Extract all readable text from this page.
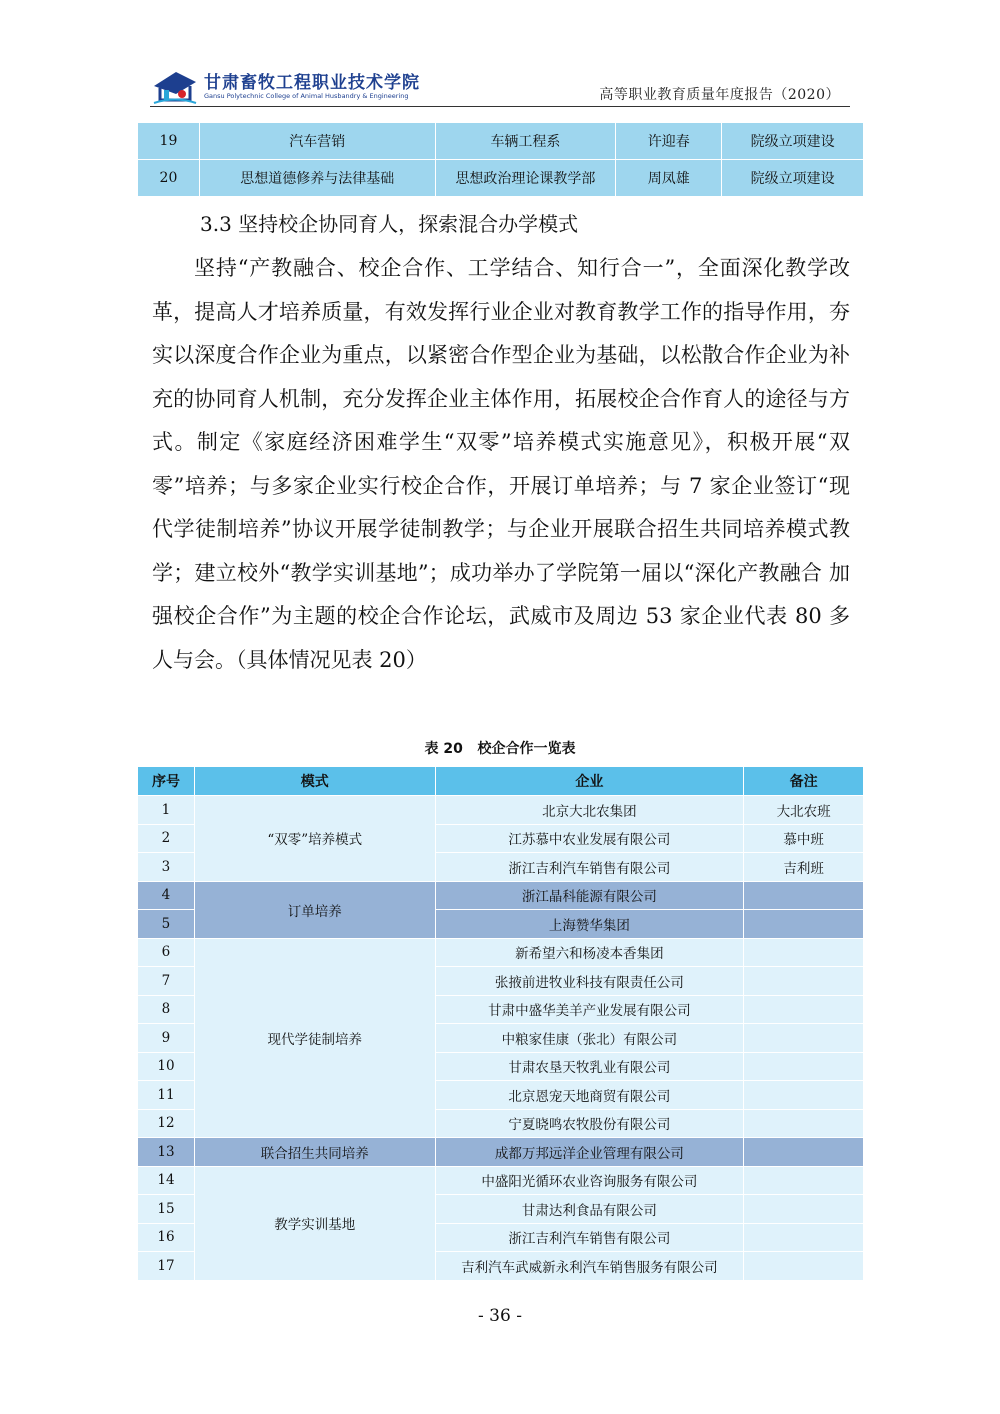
甘肃畜牧工程职业技术学院
Gansu Polytechnic College of Animal Husbandry & Engineering	高等职业教育质量年度报告（2020）
19	汽车营销	车辆工程系	许迎春	院级立项建设
20	思想道德修养与法律基础	思想政治理论课教学部	周凤雄	院级立项建设
3.3 坚持校企协同育人，探索混合办学模式

坚持“产教融合、校企合作、工学结合、知行合一”，全面深化教学改革，提高人才培养质量，有效发挥行业企业对教育教学工作的指导作用，夯实以深度合作企业为重点，以紧密合作型企业为基础，以松散合作企业为补充的协同育人机制，充分发挥企业主体作用，拓展校企合作育人的途径与方式。制定《家庭经济困难学生“双零”培养模式实施意见》，积极开展“双零”培养；与多家企业实行校企合作，开展订单培养；与 7 家企业签订“现代学徒制培养”协议开展学徒制教学；与企业开展联合招生共同培养模式教学；建立校外“教学实训基地”；成功举办了学院第一届以“深化产教融合 加强校企合作”为主题的校企合作论坛，武威市及周边 53 家企业代表 80 多人与会。（具体情况见表 20）

表 20   校企合作一览表
序号	模式	企业	备注
1	“双零”培养模式	北京大北农集团	大北农班
2		江苏慕中农业发展有限公司	慕中班
3		浙江吉利汽车销售有限公司	吉利班
4	订单培养	浙江晶科能源有限公司	
5		上海赞华集团	
6	现代学徒制培养	新希望六和杨凌本香集团	
7		张掖前进牧业科技有限责任公司	
8		甘肃中盛华美羊产业发展有限公司	
9		中粮家佳康（张北）有限公司	
10		甘肃农垦天牧乳业有限公司	
11		北京恩宠天地商贸有限公司	
12		宁夏晓鸣农牧股份有限公司	
13	联合招生共同培养	成都万邦远洋企业管理有限公司	
14	教学实训基地	中盛阳光循环农业咨询服务有限公司	
15		甘肃达利食品有限公司	
16		浙江吉利汽车销售有限公司	
17		吉利汽车武威新永利汽车销售服务有限公司	
- 36 -
